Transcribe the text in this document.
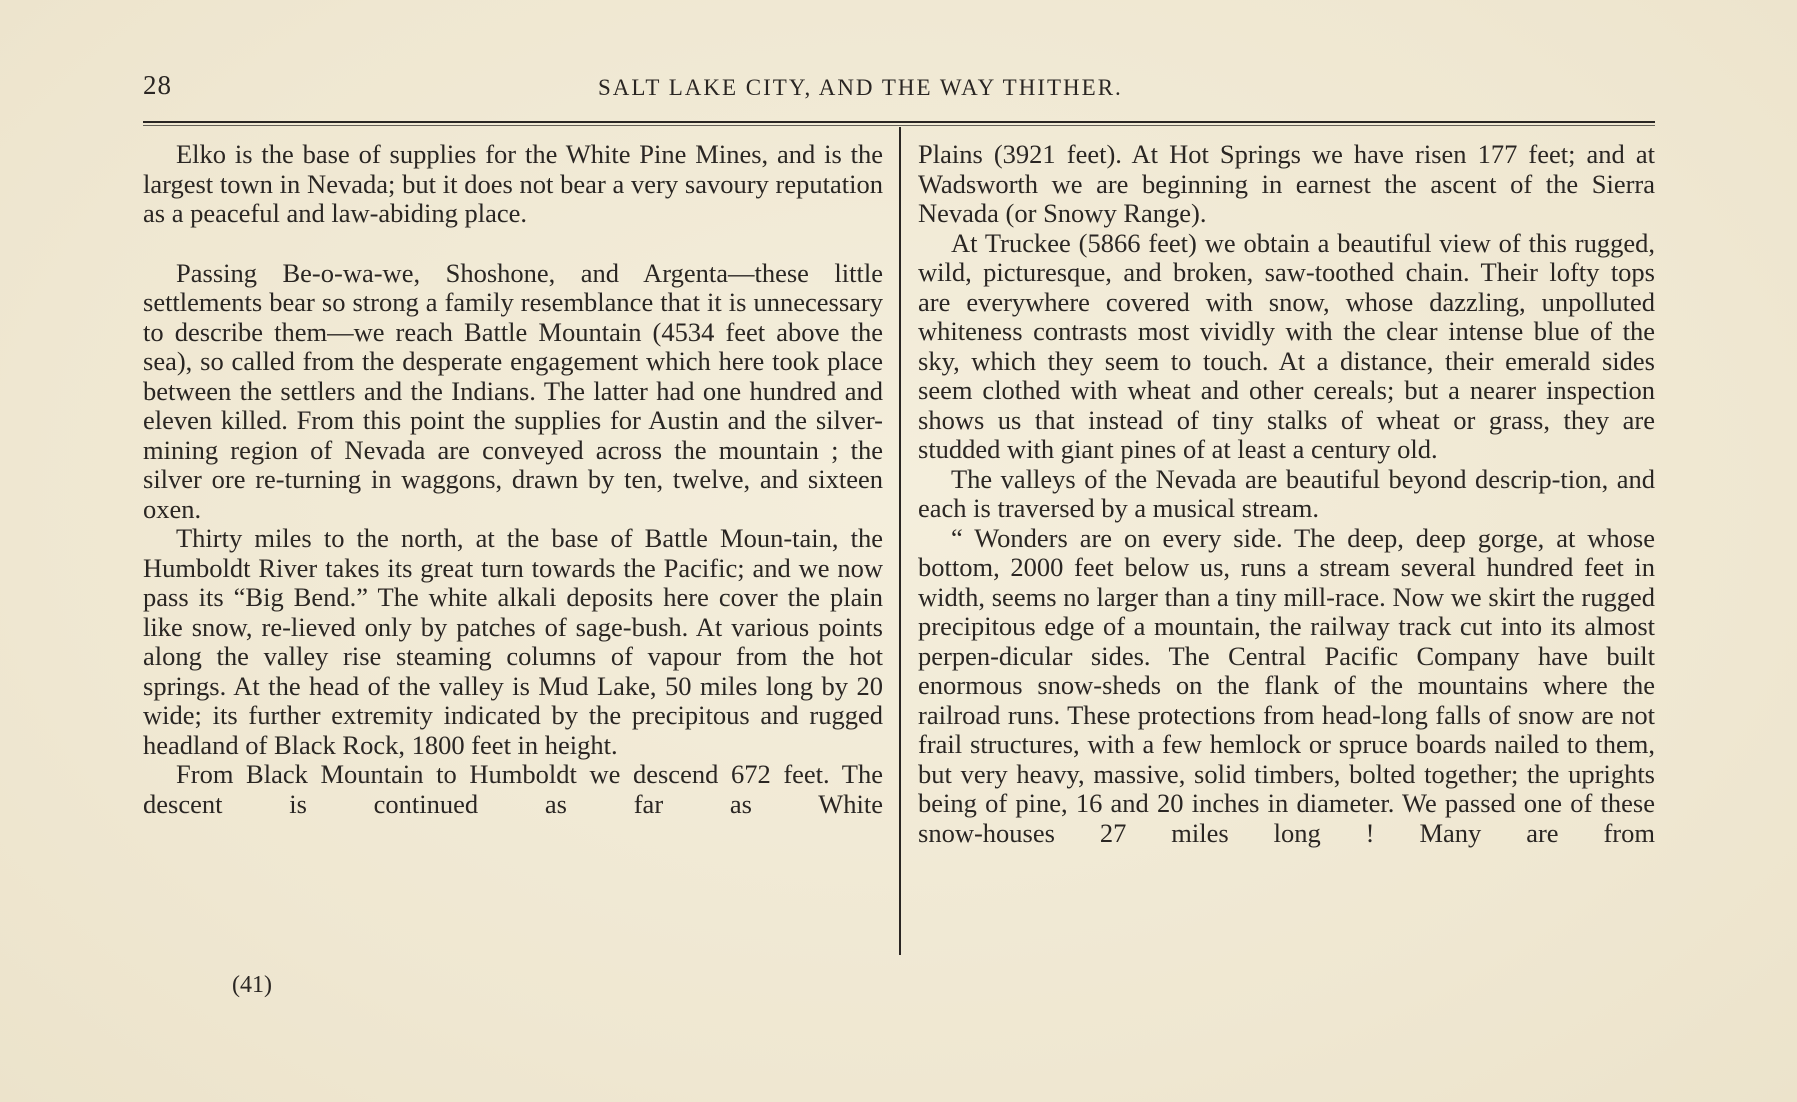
28	SALT LAKE CITY, AND THE WAY THITHER.

Elko is the base of supplies for the White Pine Mines, and is the largest town in Nevada; but it does not bear a very savoury reputation as a peaceful and law-abiding place.

Passing Be-o-wa-we, Shoshone, and Argenta—these little settlements bear so strong a family resemblance that it is unnecessary to describe them—we reach Battle Mountain (4534 feet above the sea), so called from the desperate engagement which here took place between the settlers and the Indians. The latter had one hundred and eleven killed. From this point the supplies for Austin and the silver-mining region of Nevada are conveyed across the mountain ; the silver ore re-turning in waggons, drawn by ten, twelve, and sixteen oxen.

Thirty miles to the north, at the base of Battle Moun-tain, the Humboldt River takes its great turn towards the Pacific; and we now pass its “Big Bend.” The white alkali deposits here cover the plain like snow, re-lieved only by patches of sage-bush. At various points along the valley rise steaming columns of vapour from the hot springs. At the head of the valley is Mud Lake, 50 miles long by 20 wide; its further extremity indicated by the precipitous and rugged headland of Black Rock, 1800 feet in height.

From Black Mountain to Humboldt we descend 672 feet. The descent is continued as far as White

Plains (3921 feet). At Hot Springs we have risen 177 feet; and at Wadsworth we are beginning in earnest the ascent of the Sierra Nevada (or Snowy Range).

At Truckee (5866 feet) we obtain a beautiful view of this rugged, wild, picturesque, and broken, saw-toothed chain. Their lofty tops are everywhere covered with snow, whose dazzling, unpolluted whiteness contrasts most vividly with the clear intense blue of the sky, which they seem to touch. At a distance, their emerald sides seem clothed with wheat and other cereals; but a nearer inspection shows us that instead of tiny stalks of wheat or grass, they are studded with giant pines of at least a century old.

The valleys of the Nevada are beautiful beyond descrip-tion, and each is traversed by a musical stream.

“ Wonders are on every side. The deep, deep gorge, at whose bottom, 2000 feet below us, runs a stream several hundred feet in width, seems no larger than a tiny mill-race. Now we skirt the rugged precipitous edge of a mountain, the railway track cut into its almost perpen-dicular sides. The Central Pacific Company have built enormous snow-sheds on the flank of the mountains where the railroad runs. These protections from head-long falls of snow are not frail structures, with a few hemlock or spruce boards nailed to them, but very heavy, massive, solid timbers, bolted together; the uprights being of pine, 16 and 20 inches in diameter. We passed one of these snow-houses 27 miles long ! Many are from

(41)
